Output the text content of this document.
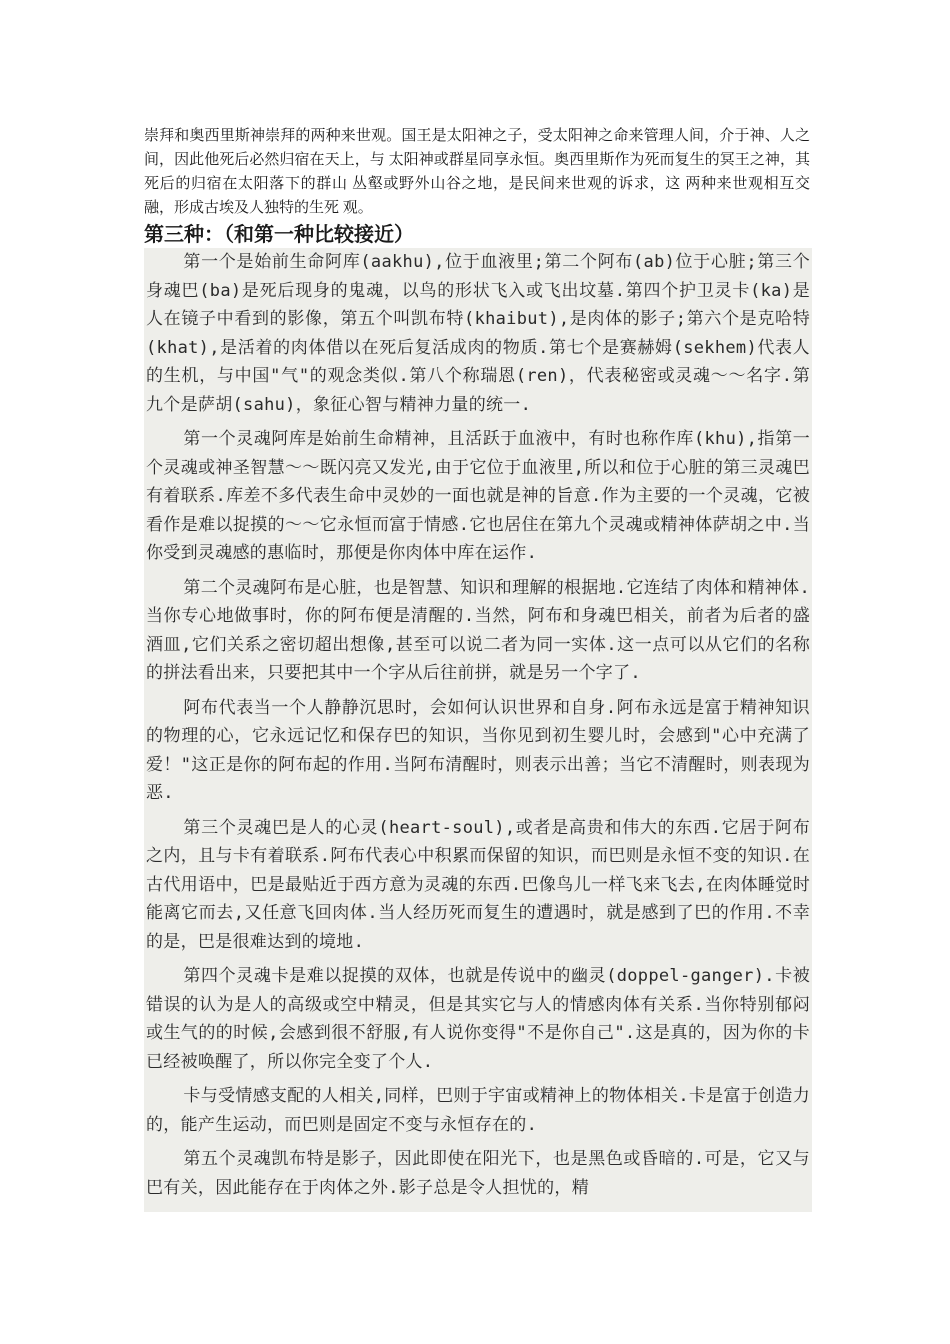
崇拜和奥西里斯神崇拜的两种来世观。国王是太阳神之子，受太阳神之命来管理人间，介于神、人之间，因此他死后必然归宿在天上，与 太阳神或群星同享永恒。奥西里斯作为死而复生的冥王之神，其死后的归宿在太阳落下的群山 丛壑或野外山谷之地，是民间来世观的诉求，这 两种来世观相互交融，形成古埃及人独特的生死 观。

第三种：（和第一种比较接近）

第一个是始前生命阿库(aakhu),位于血液里;第二个阿布(ab)位于心脏;第三个身魂巴(ba)是死后现身的鬼魂，以鸟的形状飞入或飞出坟墓.第四个护卫灵卡(ka)是人在镜子中看到的影像，第五个叫凯布特(khaibut),是肉体的影子;第六个是克哈特(khat),是活着的肉体借以在死后复活成肉的物质.第七个是赛赫姆(sekhem)代表人的生机，与中国"气"的观念类似.第八个称瑞恩(ren)，代表秘密或灵魂～～名字.第九个是萨胡(sahu)，象征心智与精神力量的统一.

第一个灵魂阿库是始前生命精神，且活跃于血液中，有时也称作库(khu),指第一个灵魂或神圣智慧～～既闪亮又发光,由于它位于血液里,所以和位于心脏的第三灵魂巴有着联系.库差不多代表生命中灵妙的一面也就是神的旨意.作为主要的一个灵魂，它被看作是难以捉摸的～～它永恒而富于情感.它也居住在第九个灵魂或精神体萨胡之中.当你受到灵魂感的惠临时，那便是你肉体中库在运作.

第二个灵魂阿布是心脏，也是智慧、知识和理解的根据地.它连结了肉体和精神体.当你专心地做事时，你的阿布便是清醒的.当然，阿布和身魂巴相关，前者为后者的盛酒皿,它们关系之密切超出想像,甚至可以说二者为同一实体.这一点可以从它们的名称的拼法看出来，只要把其中一个字从后往前拼，就是另一个字了.

阿布代表当一个人静静沉思时，会如何认识世界和自身.阿布永远是富于精神知识的物理的心，它永远记忆和保存巴的知识，当你见到初生婴儿时，会感到"心中充满了爱！"这正是你的阿布起的作用.当阿布清醒时，则表示出善；当它不清醒时，则表现为恶.

第三个灵魂巴是人的心灵(heart-soul),或者是高贵和伟大的东西.它居于阿布之内，且与卡有着联系.阿布代表心中积累而保留的知识，而巴则是永恒不变的知识.在古代用语中，巴是最贴近于西方意为灵魂的东西.巴像鸟儿一样飞来飞去,在肉体睡觉时能离它而去,又任意飞回肉体.当人经历死而复生的遭遇时，就是感到了巴的作用.不幸的是，巴是很难达到的境地.

第四个灵魂卡是难以捉摸的双体，也就是传说中的幽灵(doppel-ganger).卡被错误的认为是人的高级或空中精灵，但是其实它与人的情感肉体有关系.当你特别郁闷或生气的的时候,会感到很不舒服,有人说你变得"不是你自己".这是真的，因为你的卡已经被唤醒了，所以你完全变了个人.

卡与受情感支配的人相关,同样，巴则于宇宙或精神上的物体相关.卡是富于创造力的，能产生运动，而巴则是固定不变与永恒存在的.

第五个灵魂凯布特是影子，因此即使在阳光下，也是黑色或昏暗的.可是，它又与巴有关，因此能存在于肉体之外.影子总是令人担忧的，精
